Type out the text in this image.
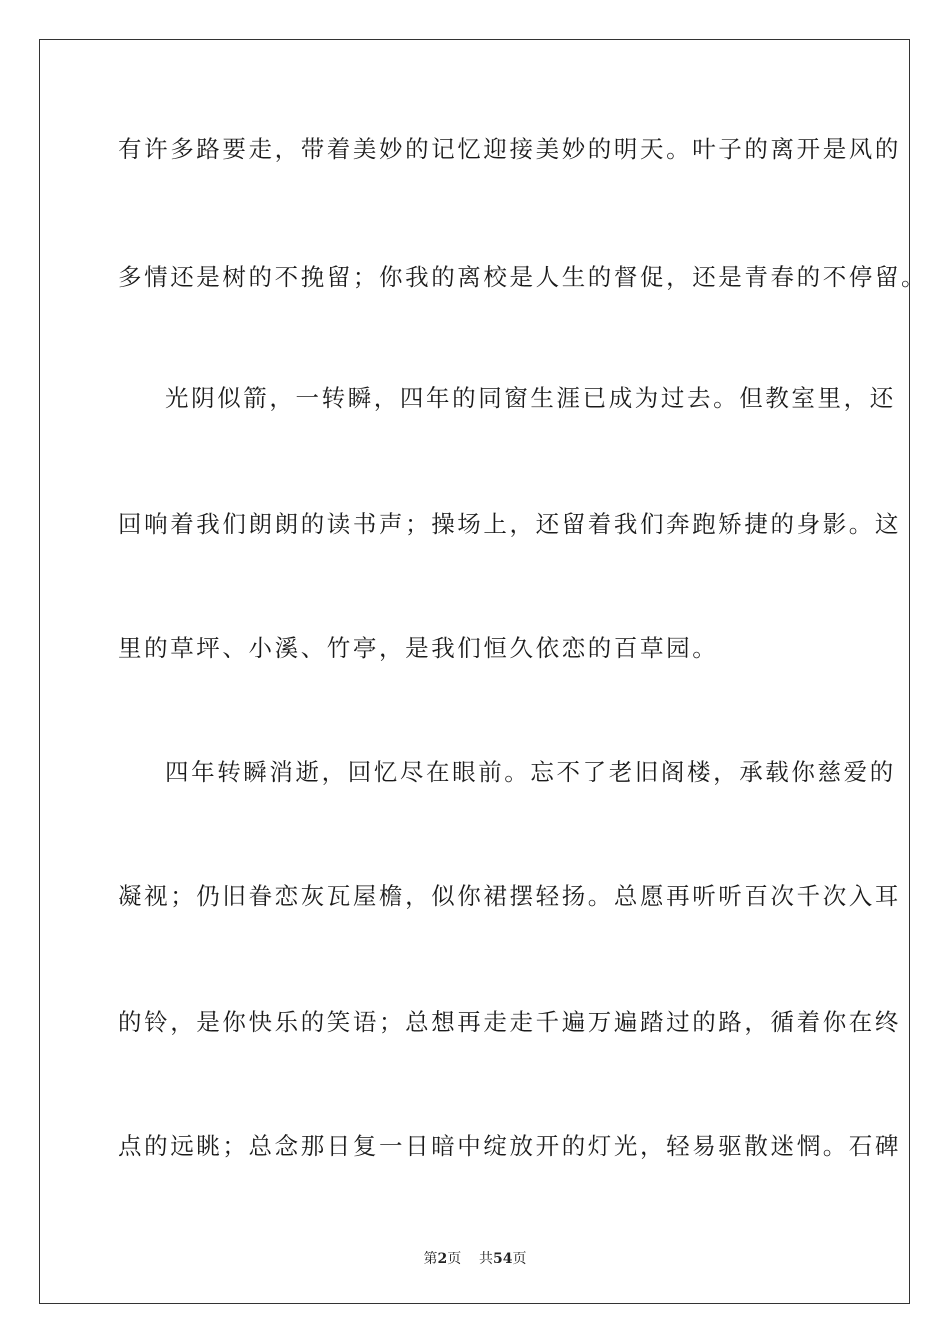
有许多路要走，带着美妙的记忆迎接美妙的明天。叶子的离开是风的
多情还是树的不挽留；你我的离校是人生的督促，还是青春的不停留。
光阴似箭，一转瞬，四年的同窗生涯已成为过去。但教室里，还
回响着我们朗朗的读书声；操场上，还留着我们奔跑矫捷的身影。这
里的草坪、小溪、竹亭，是我们恒久依恋的百草园。
四年转瞬消逝，回忆尽在眼前。忘不了老旧阁楼，承载你慈爱的
凝视；仍旧眷恋灰瓦屋檐，似你裙摆轻扬。总愿再听听百次千次入耳
的铃，是你快乐的笑语；总想再走走千遍万遍踏过的路，循着你在终
点的远眺；总念那日复一日暗中绽放开的灯光，轻易驱散迷惘。石碑
第2页 共54页
